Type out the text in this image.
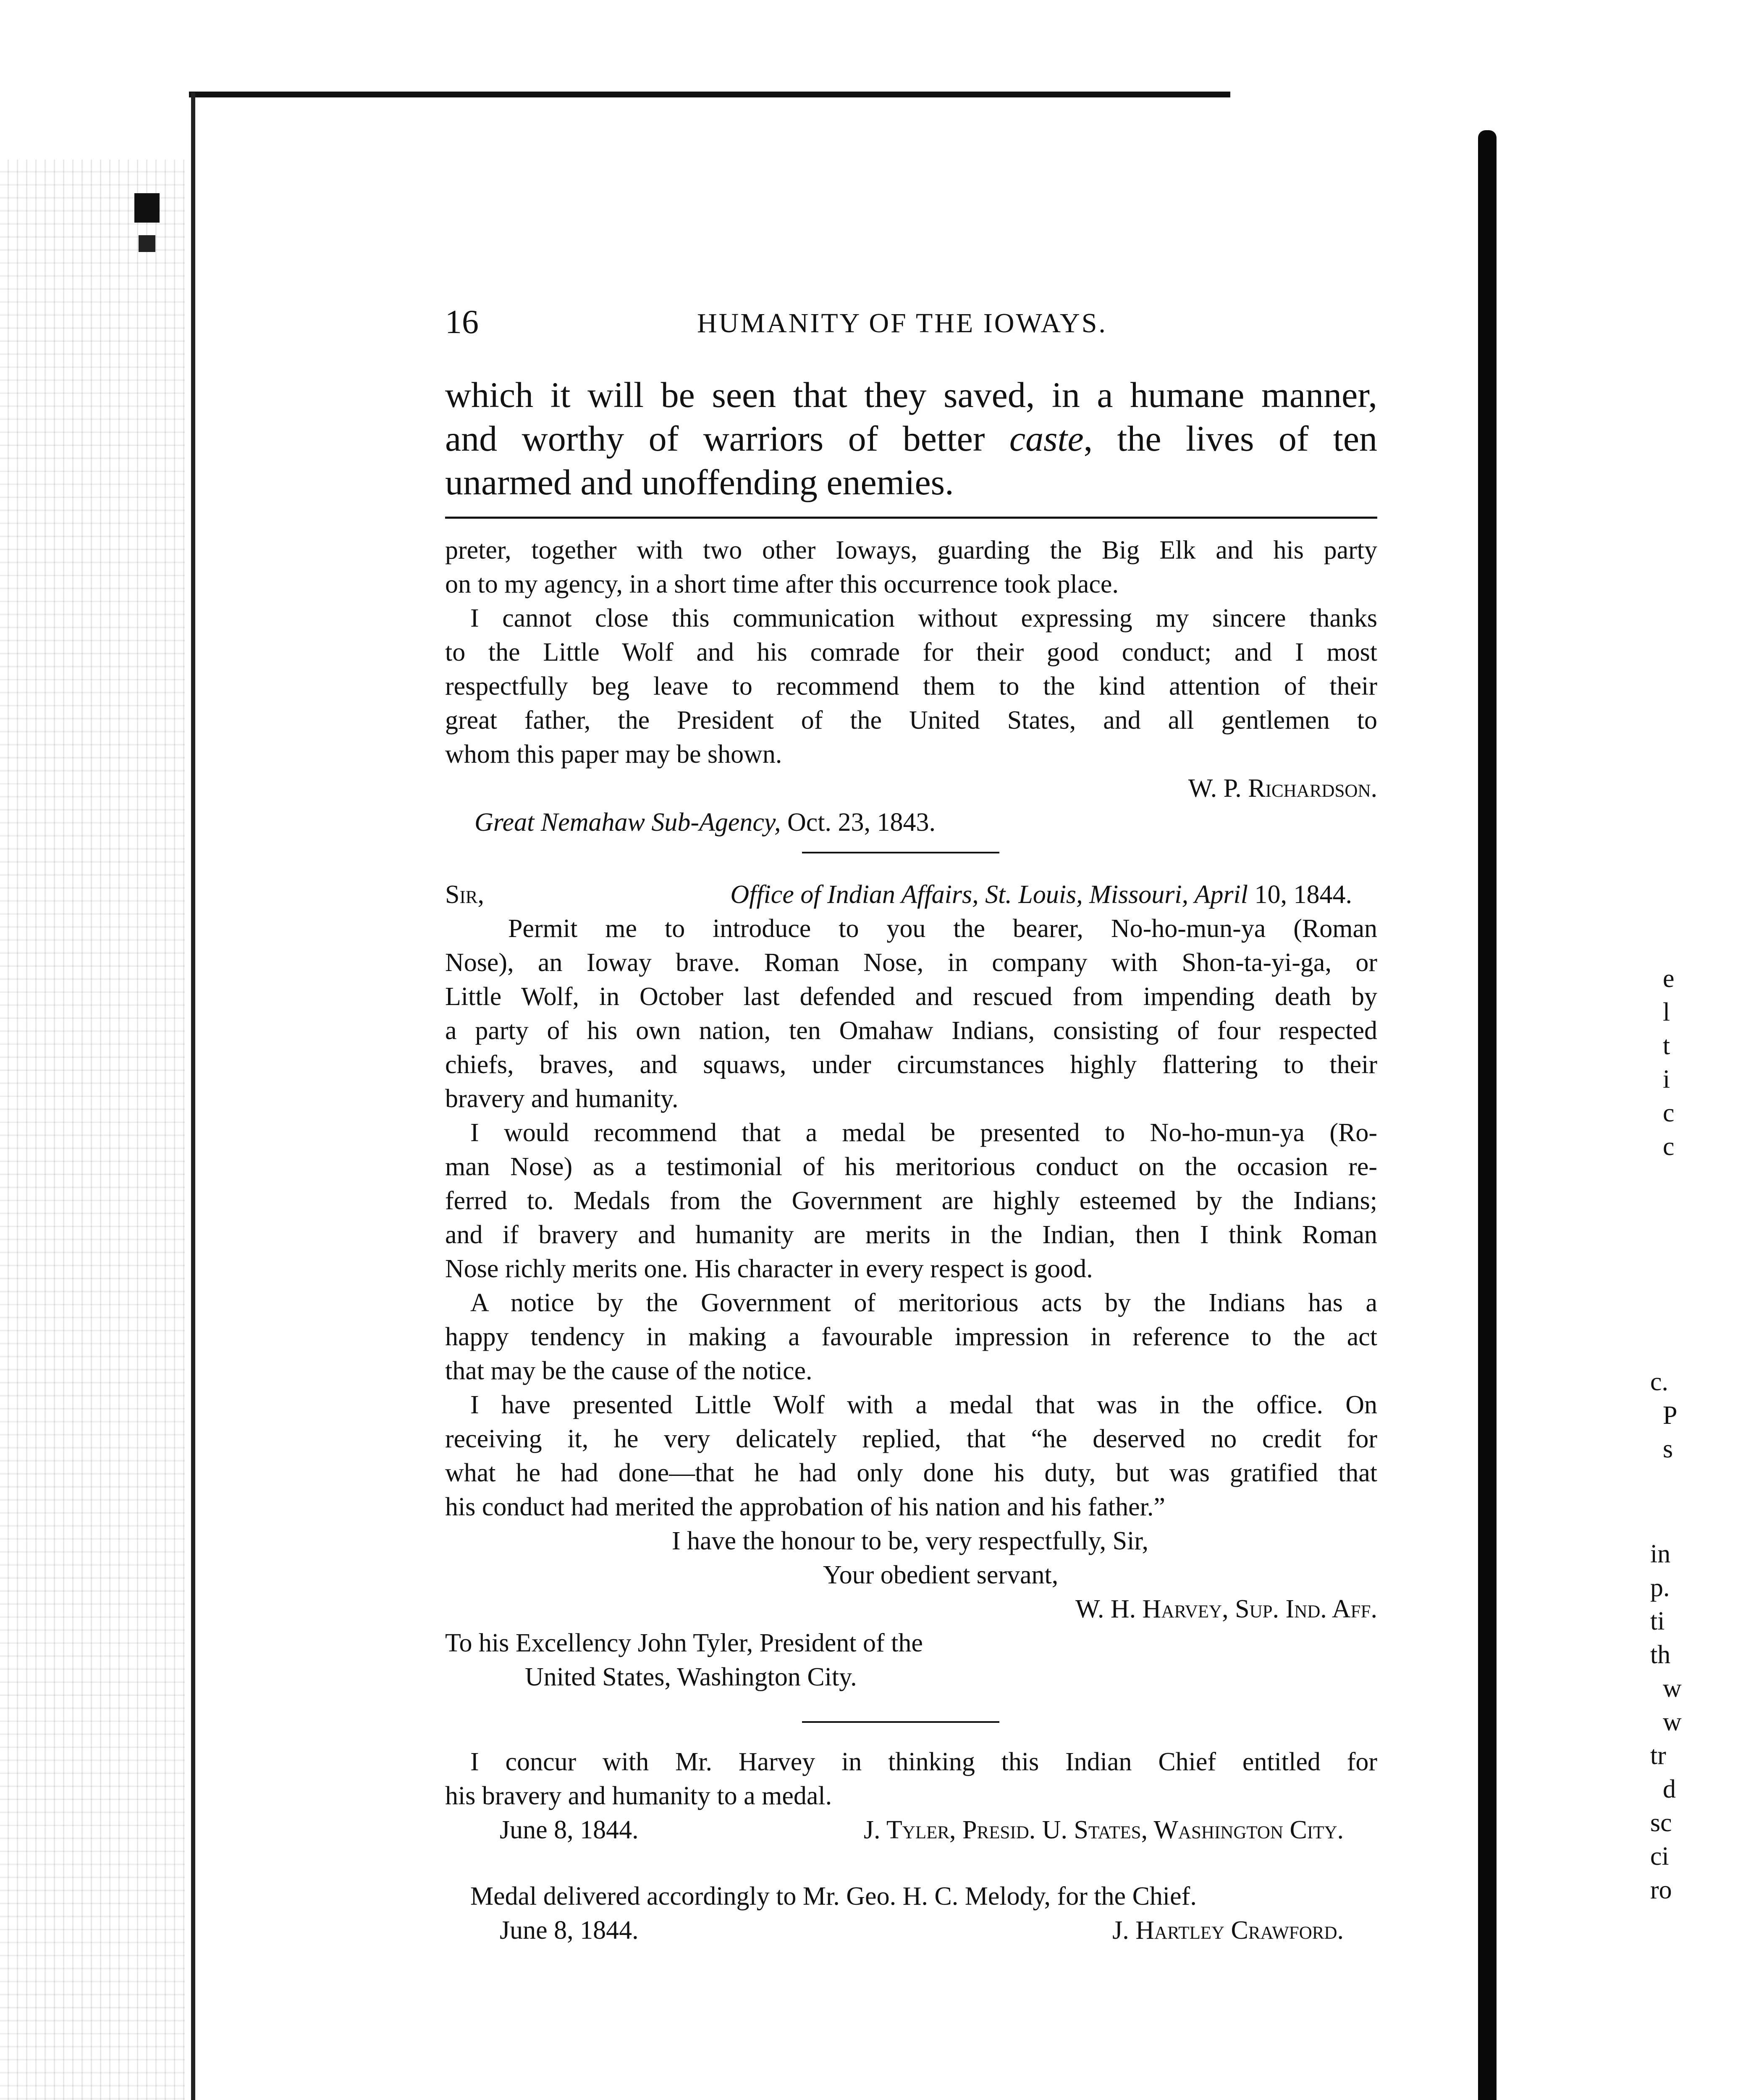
16	HUMANITY OF THE IOWAYS.
which it will be seen that they saved, in a humane manner,
and worthy of warriors of better caste, the lives of ten
unarmed and unoffending enemies.
preter, together with two other Ioways, guarding the Big Elk and his party
on to my agency, in a short time after this occurrence took place.
I cannot close this communication without expressing my sincere thanks
to the Little Wolf and his comrade for their good conduct; and I most
respectfully beg leave to recommend them to the kind attention of their
great father, the President of the United States, and all gentlemen to
whom this paper may be shown.
W. P. Richardson.
Great Nemahaw Sub-Agency, Oct. 23, 1843.
Sir,	Office of Indian Affairs, St. Louis, Missouri, April 10, 1844.
Permit me to introduce to you the bearer, No-ho-mun-ya (Roman
Nose), an Ioway brave. Roman Nose, in company with Shon-ta-yi-ga, or
Little Wolf, in October last defended and rescued from impending death by
a party of his own nation, ten Omahaw Indians, consisting of four respected
chiefs, braves, and squaws, under circumstances highly flattering to their
bravery and humanity.
I would recommend that a medal be presented to No-ho-mun-ya (Ro-
man Nose) as a testimonial of his meritorious conduct on the occasion re-
ferred to. Medals from the Government are highly esteemed by the Indians;
and if bravery and humanity are merits in the Indian, then I think Roman
Nose richly merits one. His character in every respect is good.
A notice by the Government of meritorious acts by the Indians has a
happy tendency in making a favourable impression in reference to the act
that may be the cause of the notice.
I have presented Little Wolf with a medal that was in the office. On
receiving it, he very delicately replied, that “he deserved no credit for
what he had done—that he had only done his duty, but was gratified that
his conduct had merited the approbation of his nation and his father.”
I have the honour to be, very respectfully, Sir,
Your obedient servant,
W. H. Harvey, Sup. Ind. Aff.
To his Excellency John Tyler, President of the
United States, Washington City.
I concur with Mr. Harvey in thinking this Indian Chief entitled for
his bravery and humanity to a medal.
June 8, 1844.	J. Tyler, Presid. U. States, Washington City.
Medal delivered accordingly to Mr. Geo. H. C. Melody, for the Chief.
June 8, 1844.	J. Hartley Crawford.
e
l
t
i
c
c
c.
P
s
in
p.
ti
th
w
w
tr
d
sc
ci
ro
